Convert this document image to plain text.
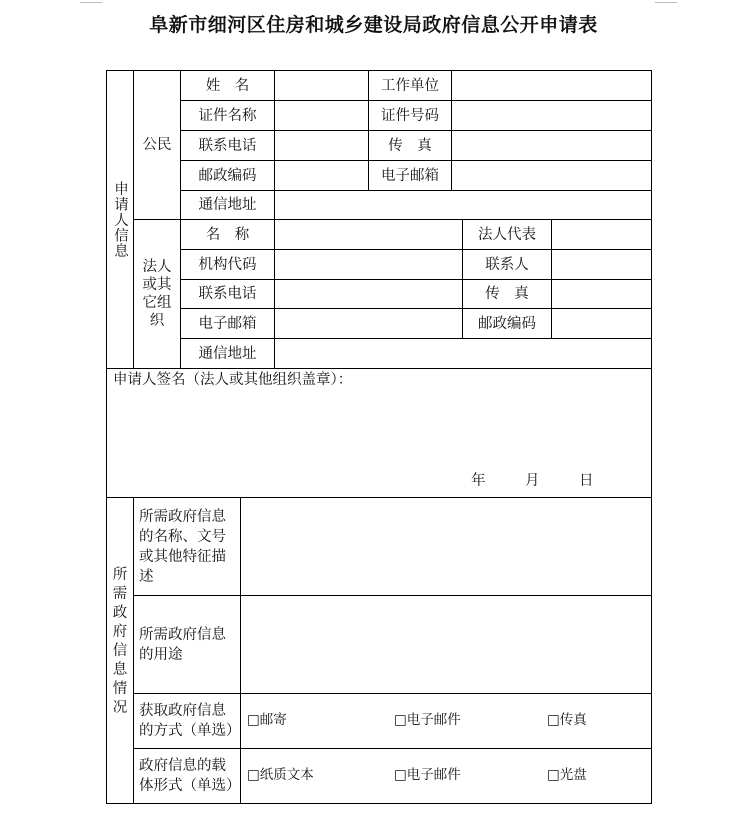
阜新市细河区住房和城乡建设局政府信息公开申请表
申请人信息
公民
姓　名	工作单位
证件名称	证件号码
联系电话	传　真
邮政编码	电子邮箱
通信地址
法人或其它组织
名　称	法人代表
机构代码	联系人
联系电话	传　真
电子邮箱	邮政编码
通信地址
申请人签名（法人或其他组织盖章）：
年	月	日
所需政府信息情况
所需政府信息的名称、文号或其他特征描述
所需政府信息的用途
获取政府信息的方式（单选）
□邮寄	□电子邮件	□传真
政府信息的载体形式（单选）
□纸质文本	□电子邮件	□光盘
